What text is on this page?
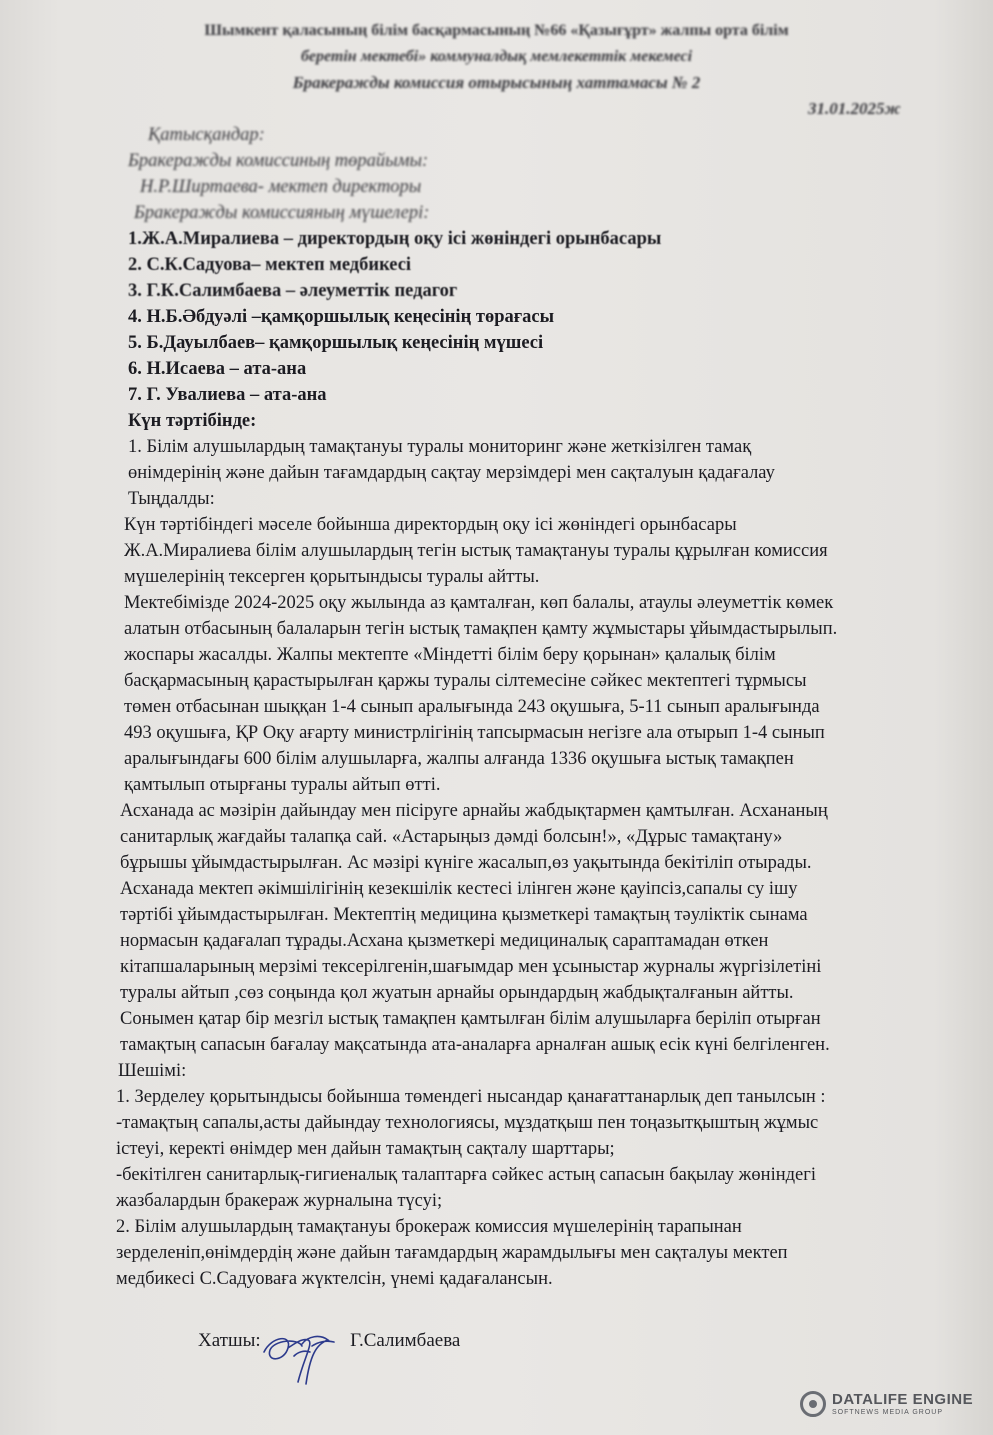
Шымкент қаласының білім басқармасының №66 «Қазығұрт» жалпы орта білім
беретін мектебі» коммуналдық мемлекеттік мекемесі
Бракеражды комиссия отырысының хаттамасы № 2
31.01.2025ж
Қатысқандар:
Бракеражды комиссиның төрайымы:
Н.Р.Ширтаева- мектеп директоры
Бракеражды комиссияның мүшелері:
1.Ж.А.Миралиева – директордың оқу ісі жөніндегі орынбасары
2. С.К.Садуова– мектеп медбикесі
3. Г.К.Салимбаева – әлеуметтік педагог
4. Н.Б.Әбдуәлі –қамқоршылық кеңесінің төрағасы
5. Б.Дауылбаев– қамқоршылық кеңесінің мүшесі
6. Н.Исаева – ата-ана
7. Г. Увалиева – ата-ана
Күн тәртібінде:
1. Білім алушылардың тамақтануы туралы мониторинг және жеткізілген тамақ
өнімдерінің және дайын тағамдардың сақтау мерзімдері мен сақталуын қадағалау
Тыңдалды:
Күн тәртібіндегі мәселе бойынша директордың оқу ісі жөніндегі орынбасары
Ж.А.Миралиева білім алушылардың тегін ыстық тамақтануы туралы құрылған комиссия
мүшелерінің тексерген қорытындысы туралы айтты.
Мектебімізде 2024-2025 оқу жылында аз қамталған, көп балалы, атаулы әлеуметтік көмек
алатын отбасының балаларын тегін ыстық тамақпен қамту жұмыстары ұйымдастырылып.
жоспары жасалды. Жалпы мектепте «Міндетті білім беру қорынан» қалалық білім
басқармасының қарастырылған қаржы туралы сілтемесіне сәйкес мектептегі тұрмысы
төмен отбасынан шыққан 1-4 сынып аралығында 243 оқушыға, 5-11 сынып аралығында
493 оқушыға, ҚР Оқу ағарту министрлігінің тапсырмасын негізге ала отырып 1-4 сынып
аралығындағы 600 білім алушыларға, жалпы алғанда 1336 оқушыға ыстық тамақпен
қамтылып отырғаны туралы айтып өтті.
Асханада ас мәзірін дайындау мен пісіруге арнайы жабдықтармен қамтылған. Асхананың
санитарлық жағдайы талапқа сай. «Астарыңыз дәмді болсын!», «Дұрыс тамақтану»
бұрышы ұйымдастырылған. Ас мәзірі күнігe жасалып,өз уақытында бекітіліп отырады.
Асханада мектеп әкімшілігінің кезекшілік кестесі ілінген және қауіпсіз,сапалы су ішу
тәртібі ұйымдастырылған. Мектептің медицина қызметкері тамақтың тәуліктік сынама
нормасын қадағалап тұрады.Асхана қызметкері медициналық сараптамадан өткен
кітапшаларының мерзімі тексерілгенін,шағымдар мен ұсыныстар журналы жүргізілетіні
туралы айтып ,сөз соңында қол жуатын арнайы орындардың жабдықталғанын айтты.
Сонымен қатар бір мезгіл ыстық тамақпен қамтылған білім алушыларға беріліп отырған
тамақтың сапасын бағалау мақсатында ата-аналарға арналған ашық есік күні белгіленген.
Шешімі:
1. Зерделеу қорытындысы бойынша төмендегі нысандар қанағаттанарлық деп танылсын :
-тамақтың сапалы,асты дайындау технологиясы, мұздатқыш пен тоңазытқыштың жұмыс
істеуі, керекті өнімдер мен дайын тамақтың сақталу шарттары;
-бекітілген санитарлық-гигиеналық талаптарға сәйкес астың сапасын бақылау жөніндегі
жазбалардын бракераж журналына түсуі;
2. Білім алушылардың тамақтануы брокераж комиссия мүшелерінің тарапынан
зерделеніп,өнімдердің және дайын тағамдардың жарамдылығы мен сақталуы мектеп
медбикесі С.Садуоваға жүктелсін, үнемі қадағалансын.
Хатшы:	Г.Салимбаева
DATALIFE ENGINE
SOFTNEWS MEDIA GROUP
